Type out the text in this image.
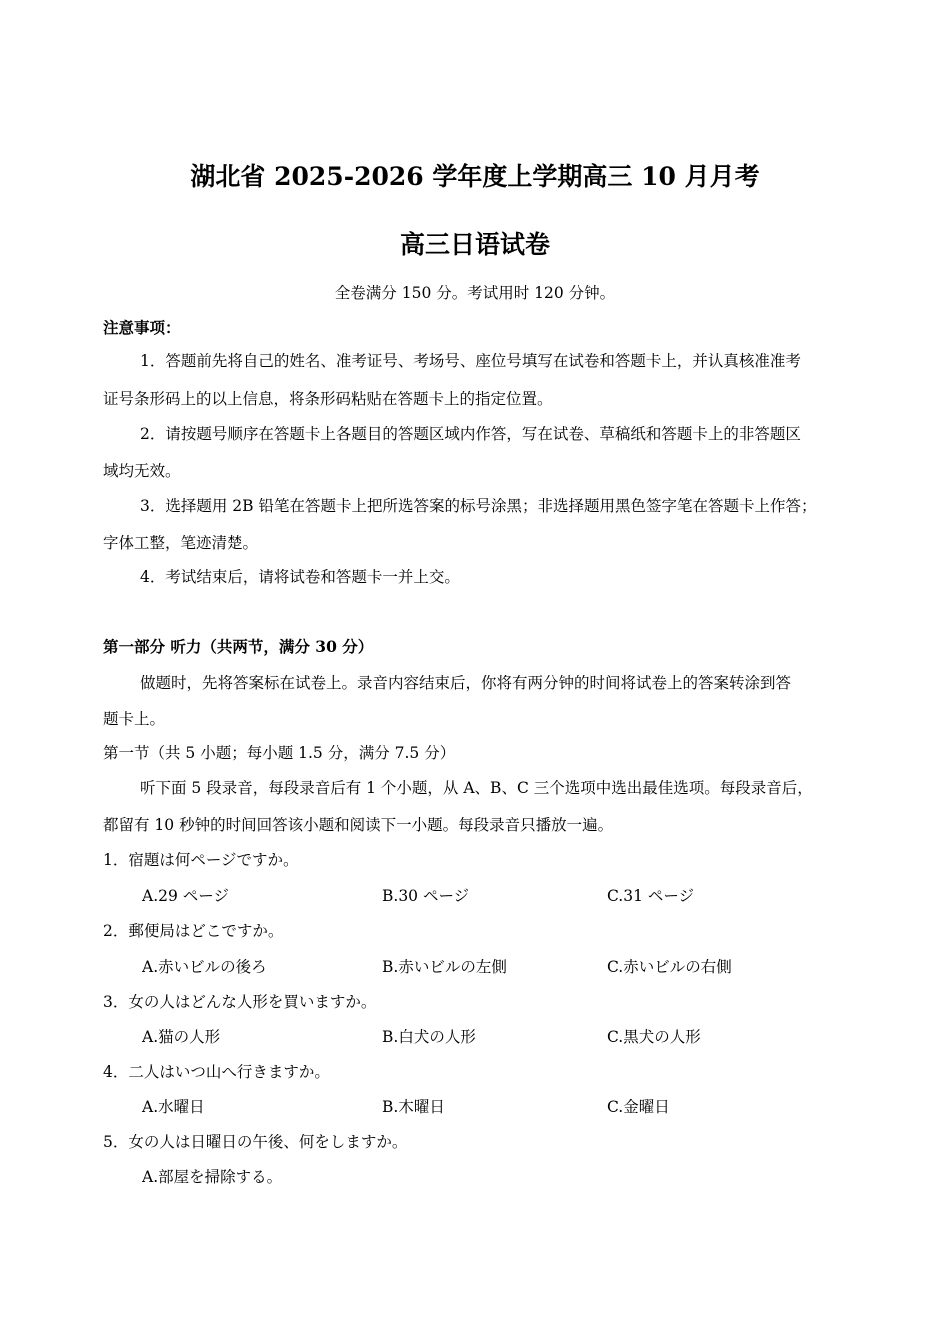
湖北省 2025-2026 学年度上学期高三 10 月月考
高三日语试卷
全卷满分 150 分。考试用时 120 分钟。
注意事项：
1．答题前先将自己的姓名、准考证号、考场号、座位号填写在试卷和答题卡上，并认真核准准考
证号条形码上的以上信息，将条形码粘贴在答题卡上的指定位置。
2．请按题号顺序在答题卡上各题目的答题区域内作答，写在试卷、草稿纸和答题卡上的非答题区
域均无效。
3．选择题用 2B 铅笔在答题卡上把所选答案的标号涂黑；非选择题用黑色签字笔在答题卡上作答；
字体工整，笔迹清楚。
4．考试结束后，请将试卷和答题卡一并上交。
第一部分 听力（共两节，满分 30 分）
做题时，先将答案标在试卷上。录音内容结束后，你将有两分钟的时间将试卷上的答案转涂到答
题卡上。
第一节（共 5 小题；每小题 1.5 分，满分 7.5 分）
听下面 5 段录音，每段录音后有 1 个小题，从 A、B、C 三个选项中选出最佳选项。每段录音后，
都留有 10 秒钟的时间回答该小题和阅读下一小题。每段录音只播放一遍。
1．宿題は何ページですか。
A.29 ページ	B.30 ページ	C.31 ページ
2．郵便局はどこですか。
A.赤いビルの後ろ	B.赤いビルの左側	C.赤いビルの右側
3．女の人はどんな人形を買いますか。
A.猫の人形	B.白犬の人形	C.黒犬の人形
4．二人はいつ山へ行きますか。
A.水曜日	B.木曜日	C.金曜日
5．女の人は日曜日の午後、何をしますか。
A.部屋を掃除する。
